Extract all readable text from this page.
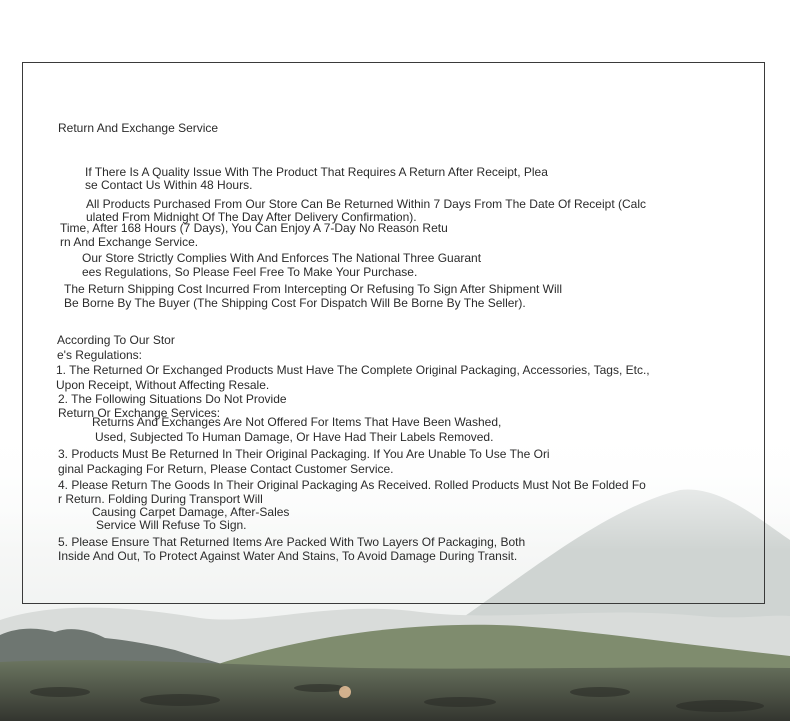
Return And Exchange Service
If There Is A Quality Issue With The Product That Requires A Return After Receipt, Plea
se Contact Us Within 48 Hours.
All Products Purchased From Our Store Can Be Returned Within 7 Days From The Date Of Receipt (Calc
ulated From Midnight Of The Day After Delivery Confirmation).
Time, After 168 Hours (7 Days), You Can Enjoy A 7-Day No Reason Retu
rn And Exchange Service.
Our Store Strictly Complies With And Enforces The National Three Guarant
ees Regulations, So Please Feel Free To Make Your Purchase.
The Return Shipping Cost Incurred From Intercepting Or Refusing To Sign After Shipment Will
Be Borne By The Buyer (The Shipping Cost For Dispatch Will Be Borne By The Seller).
According To Our Stor
e's Regulations:
1. The Returned Or Exchanged Products Must Have The Complete Original Packaging, Accessories, Tags, Etc.,
Upon Receipt, Without Affecting Resale.
2. The Following Situations Do Not Provide
Return Or Exchange Services:
Returns And Exchanges Are Not Offered For Items That Have Been Washed,
Used, Subjected To Human Damage, Or Have Had Their Labels Removed.
3. Products Must Be Returned In Their Original Packaging. If You Are Unable To Use The Ori
ginal Packaging For Return, Please Contact Customer Service.
4. Please Return The Goods In Their Original Packaging As Received. Rolled Products Must Not Be Folded Fo
r Return. Folding During Transport Will
Causing Carpet Damage, After-Sales
Service Will Refuse To Sign.
5. Please Ensure That Returned Items Are Packed With Two Layers Of Packaging, Both
Inside And Out, To Protect Against Water And Stains, To Avoid Damage During Transit.
